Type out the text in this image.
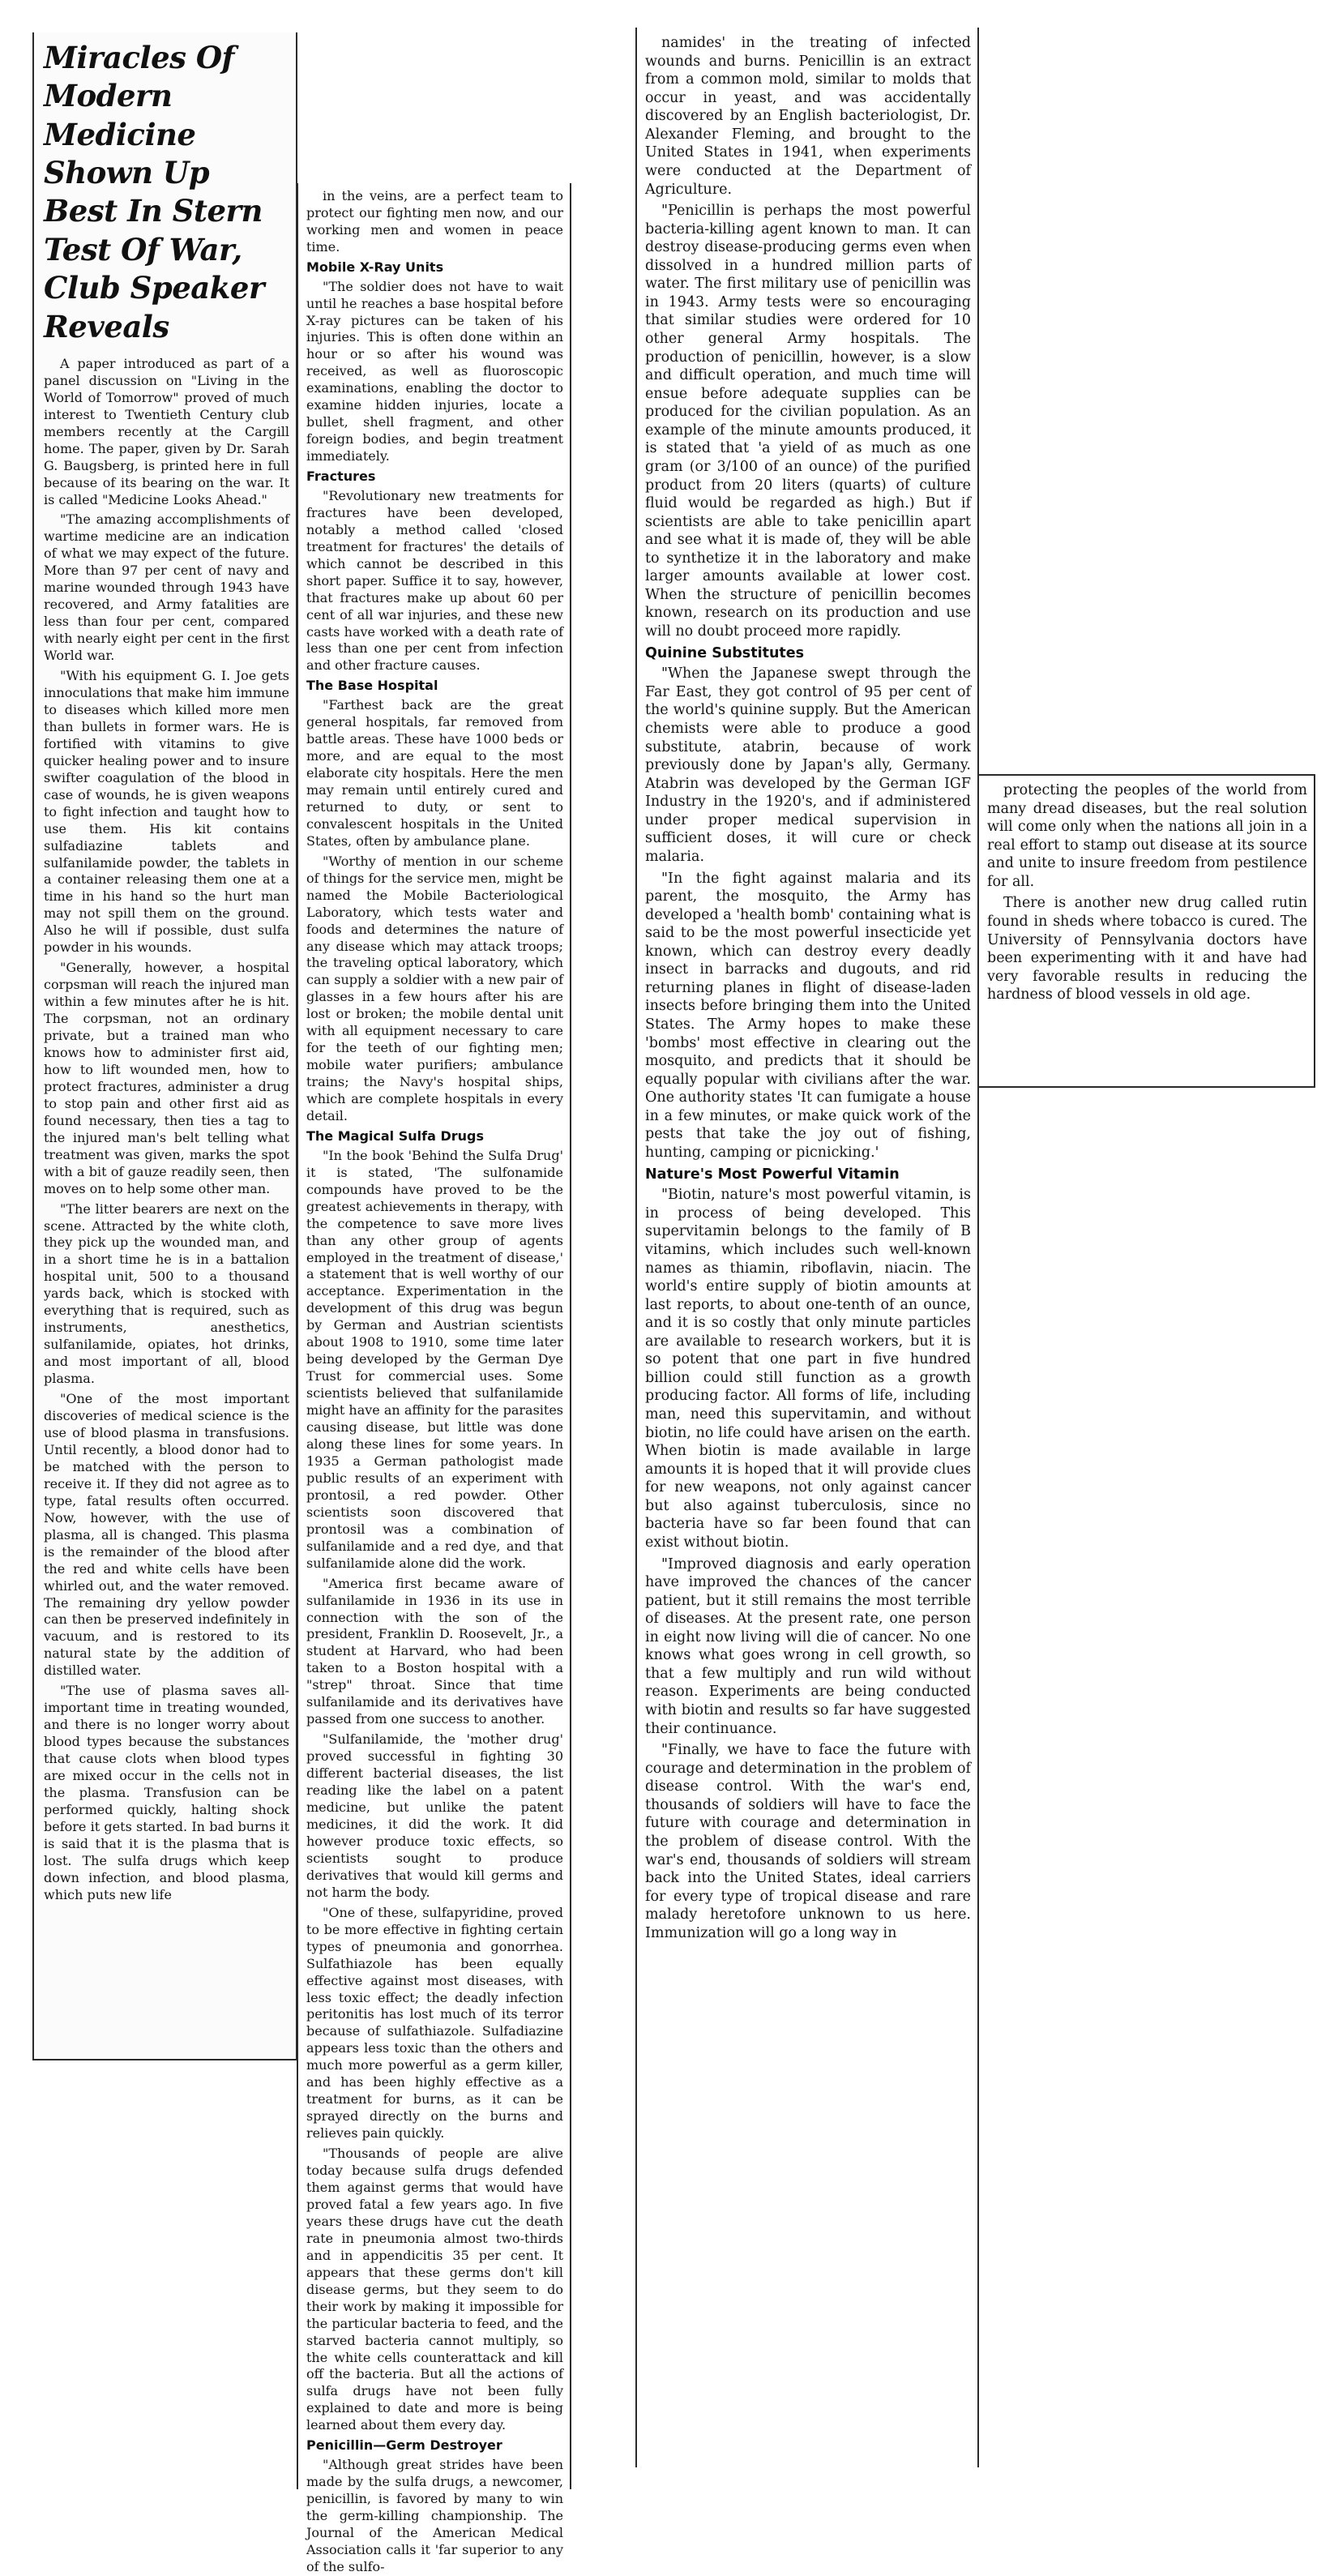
Miracles Of Modern Medicine Shown Up Best In Stern Test Of War, Club Speaker Reveals

A paper introduced as part of a panel discussion on "Living in the World of Tomorrow" proved of much interest to Twentieth Century club members recently at the Cargill home. The paper, given by Dr. Sarah G. Baugsberg, is printed here in full because of its bearing on the war. It is called "Medicine Looks Ahead."

"The amazing accomplishments of wartime medicine are an indication of what we may expect of the future. More than 97 per cent of navy and marine wounded through 1943 have recovered, and Army fatalities are less than four per cent, compared with nearly eight per cent in the first World war.

"With his equipment G. I. Joe gets innoculations that make him immune to diseases which killed more men than bullets in former wars. He is fortified with vitamins to give quicker healing power and to insure swifter coagulation of the blood in case of wounds, he is given weapons to fight infection and taught how to use them. His kit contains sulfadiazine tablets and sulfanilamide powder, the tablets in a container releasing them one at a time in his hand so the hurt man may not spill them on the ground. Also he will if possible, dust sulfa powder in his wounds.

"Generally, however, a hospital corpsman will reach the injured man within a few minutes after he is hit. The corpsman, not an ordinary private, but a trained man who knows how to administer first aid, how to lift wounded men, how to protect fractures, administer a drug to stop pain and other first aid as found necessary, then ties a tag to the injured man's belt telling what treatment was given, marks the spot with a bit of gauze readily seen, then moves on to help some other man.

"The litter bearers are next on the scene. Attracted by the white cloth, they pick up the wounded man, and in a short time he is in a battalion hospital unit, 500 to a thousand yards back, which is stocked with everything that is required, such as instruments, anesthetics, sulfanilamide, opiates, hot drinks, and most important of all, blood plasma.

"One of the most important discoveries of medical science is the use of blood plasma in transfusions. Until recently, a blood donor had to be matched with the person to receive it. If they did not agree as to type, fatal results often occurred. Now, however, with the use of plasma, all is changed. This plasma is the remainder of the blood after the red and white cells have been whirled out, and the water removed. The remaining dry yellow powder can then be preserved indefinitely in vacuum, and is restored to its natural state by the addition of distilled water.

"The use of plasma saves all-important time in treating wounded, and there is no longer worry about blood types because the substances that cause clots when blood types are mixed occur in the cells not in the plasma. Transfusion can be performed quickly, halting shock before it gets started. In bad burns it is said that it is the plasma that is lost. The sulfa drugs which keep down infection, and blood plasma, which puts new life

in the veins, are a perfect team to protect our fighting men now, and our working men and women in peace time.

Mobile X-Ray Units

"The soldier does not have to wait until he reaches a base hospital before X-ray pictures can be taken of his injuries. This is often done within an hour or so after his wound was received, as well as fluoroscopic examinations, enabling the doctor to examine hidden injuries, locate a bullet, shell fragment, and other foreign bodies, and begin treatment immediately.

Fractures

"Revolutionary new treatments for fractures have been developed, notably a method called 'closed treatment for fractures' the details of which cannot be described in this short paper. Suffice it to say, however, that fractures make up about 60 per cent of all war injuries, and these new casts have worked with a death rate of less than one per cent from infection and other fracture causes.

The Base Hospital

"Farthest back are the great general hospitals, far removed from battle areas. These have 1000 beds or more, and are equal to the most elaborate city hospitals. Here the men may remain until entirely cured and returned to duty, or sent to convalescent hospitals in the United States, often by ambulance plane.

"Worthy of mention in our scheme of things for the service men, might be named the Mobile Bacteriological Laboratory, which tests water and foods and determines the nature of any disease which may attack troops; the traveling optical laboratory, which can supply a soldier with a new pair of glasses in a few hours after his are lost or broken; the mobile dental unit with all equipment necessary to care for the teeth of our fighting men; mobile water purifiers; ambulance trains; the Navy's hospital ships, which are complete hospitals in every detail.

The Magical Sulfa Drugs

"In the book 'Behind the Sulfa Drug' it is stated, 'The sulfonamide compounds have proved to be the greatest achievements in therapy, with the competence to save more lives than any other group of agents employed in the treatment of disease,' a statement that is well worthy of our acceptance. Experimentation in the development of this drug was begun by German and Austrian scientists about 1908 to 1910, some time later being developed by the German Dye Trust for commercial uses. Some scientists believed that sulfanilamide might have an affinity for the parasites causing disease, but little was done along these lines for some years. In 1935 a German pathologist made public results of an experiment with prontosil, a red powder. Other scientists soon discovered that prontosil was a combination of sulfanilamide and a red dye, and that sulfanilamide alone did the work.

"America first became aware of sulfanilamide in 1936 in its use in connection with the son of the president, Franklin D. Roosevelt, Jr., a student at Harvard, who had been taken to a Boston hospital with a "strep" throat. Since that time sulfanilamide and its derivatives have passed from one success to another.

"Sulfanilamide, the 'mother drug' proved successful in fighting 30 different bacterial diseases, the list reading like the label on a patent medicine, but unlike the patent medicines, it did the work. It did however produce toxic effects, so scientists sought to produce derivatives that would kill germs and not harm the body.

"One of these, sulfapyridine, proved to be more effective in fighting certain types of pneumonia and gonorrhea. Sulfathiazole has been equally effective against most diseases, with less toxic effect; the deadly infection peritonitis has lost much of its terror because of sulfathiazole. Sulfadiazine appears less toxic than the others and much more powerful as a germ killer, and has been highly effective as a treatment for burns, as it can be sprayed directly on the burns and relieves pain quickly.

"Thousands of people are alive today because sulfa drugs defended them against germs that would have proved fatal a few years ago. In five years these drugs have cut the death rate in pneumonia almost two-thirds and in appendicitis 35 per cent. It appears that these germs don't kill disease germs, but they seem to do their work by making it impossible for the particular bacteria to feed, and the starved bacteria cannot multiply, so the white cells counterattack and kill off the bacteria. But all the actions of sulfa drugs have not been fully explained to date and more is being learned about them every day.

Penicillin—Germ Destroyer

"Although great strides have been made by the sulfa drugs, a newcomer, penicillin, is favored by many to win the germ-killing championship. The Journal of the American Medical Association calls it 'far superior to any of the sulfo-

namides' in the treating of infected wounds and burns. Penicillin is an extract from a common mold, similar to molds that occur in yeast, and was accidentally discovered by an English bacteriologist, Dr. Alexander Fleming, and brought to the United States in 1941, when experiments were conducted at the Department of Agriculture.

"Penicillin is perhaps the most powerful bacteria-killing agent known to man. It can destroy disease-producing germs even when dissolved in a hundred million parts of water. The first military use of penicillin was in 1943. Army tests were so encouraging that similar studies were ordered for 10 other general Army hospitals. The production of penicillin, however, is a slow and difficult operation, and much time will ensue before adequate supplies can be produced for the civilian population. As an example of the minute amounts produced, it is stated that 'a yield of as much as one gram (or 3/100 of an ounce) of the purified product from 20 liters (quarts) of culture fluid would be regarded as high.) But if scientists are able to take penicillin apart and see what it is made of, they will be able to synthetize it in the laboratory and make larger amounts available at lower cost. When the structure of penicillin becomes known, research on its production and use will no doubt proceed more rapidly.

Quinine Substitutes

"When the Japanese swept through the Far East, they got control of 95 per cent of the world's quinine supply. But the American chemists were able to produce a good substitute, atabrin, because of work previously done by Japan's ally, Germany. Atabrin was developed by the German IGF Industry in the 1920's, and if administered under proper medical supervision in sufficient doses, it will cure or check malaria.

"In the fight against malaria and its parent, the mosquito, the Army has developed a 'health bomb' containing what is said to be the most powerful insecticide yet known, which can destroy every deadly insect in barracks and dugouts, and rid returning planes in flight of disease-laden insects before bringing them into the United States. The Army hopes to make these 'bombs' most effective in clearing out the mosquito, and predicts that it should be equally popular with civilians after the war. One authority states 'It can fumigate a house in a few minutes, or make quick work of the pests that take the joy out of fishing, hunting, camping or picnicking.'

Nature's Most Powerful Vitamin

"Biotin, nature's most powerful vitamin, is in process of being developed. This supervitamin belongs to the family of B vitamins, which includes such well-known names as thiamin, riboflavin, niacin. The world's entire supply of biotin amounts at last reports, to about one-tenth of an ounce, and it is so costly that only minute particles are available to research workers, but it is so potent that one part in five hundred billion could still function as a growth producing factor. All forms of life, including man, need this supervitamin, and without biotin, no life could have arisen on the earth. When biotin is made available in large amounts it is hoped that it will provide clues for new weapons, not only against cancer but also against tuberculosis, since no bacteria have so far been found that can exist without biotin.

"Improved diagnosis and early operation have improved the chances of the cancer patient, but it still remains the most terrible of diseases. At the present rate, one person in eight now living will die of cancer. No one knows what goes wrong in cell growth, so that a few multiply and run wild without reason. Experiments are being conducted with biotin and results so far have suggested their continuance.

"Finally, we have to face the future with courage and determination in the problem of disease control. With the war's end, thousands of soldiers will have to face the future with courage and determination in the problem of disease control. With the war's end, thousands of soldiers will stream back into the United States, ideal carriers for every type of tropical disease and rare malady heretofore unknown to us here. Immunization will go a long way in

protecting the peoples of the world from many dread diseases, but the real solution will come only when the nations all join in a real effort to stamp out disease at its source and unite to insure freedom from pestilence for all.

There is another new drug called rutin found in sheds where tobacco is cured. The University of Pennsylvania doctors have been experimenting with it and have had very favorable results in reducing the hardness of blood vessels in old age.
